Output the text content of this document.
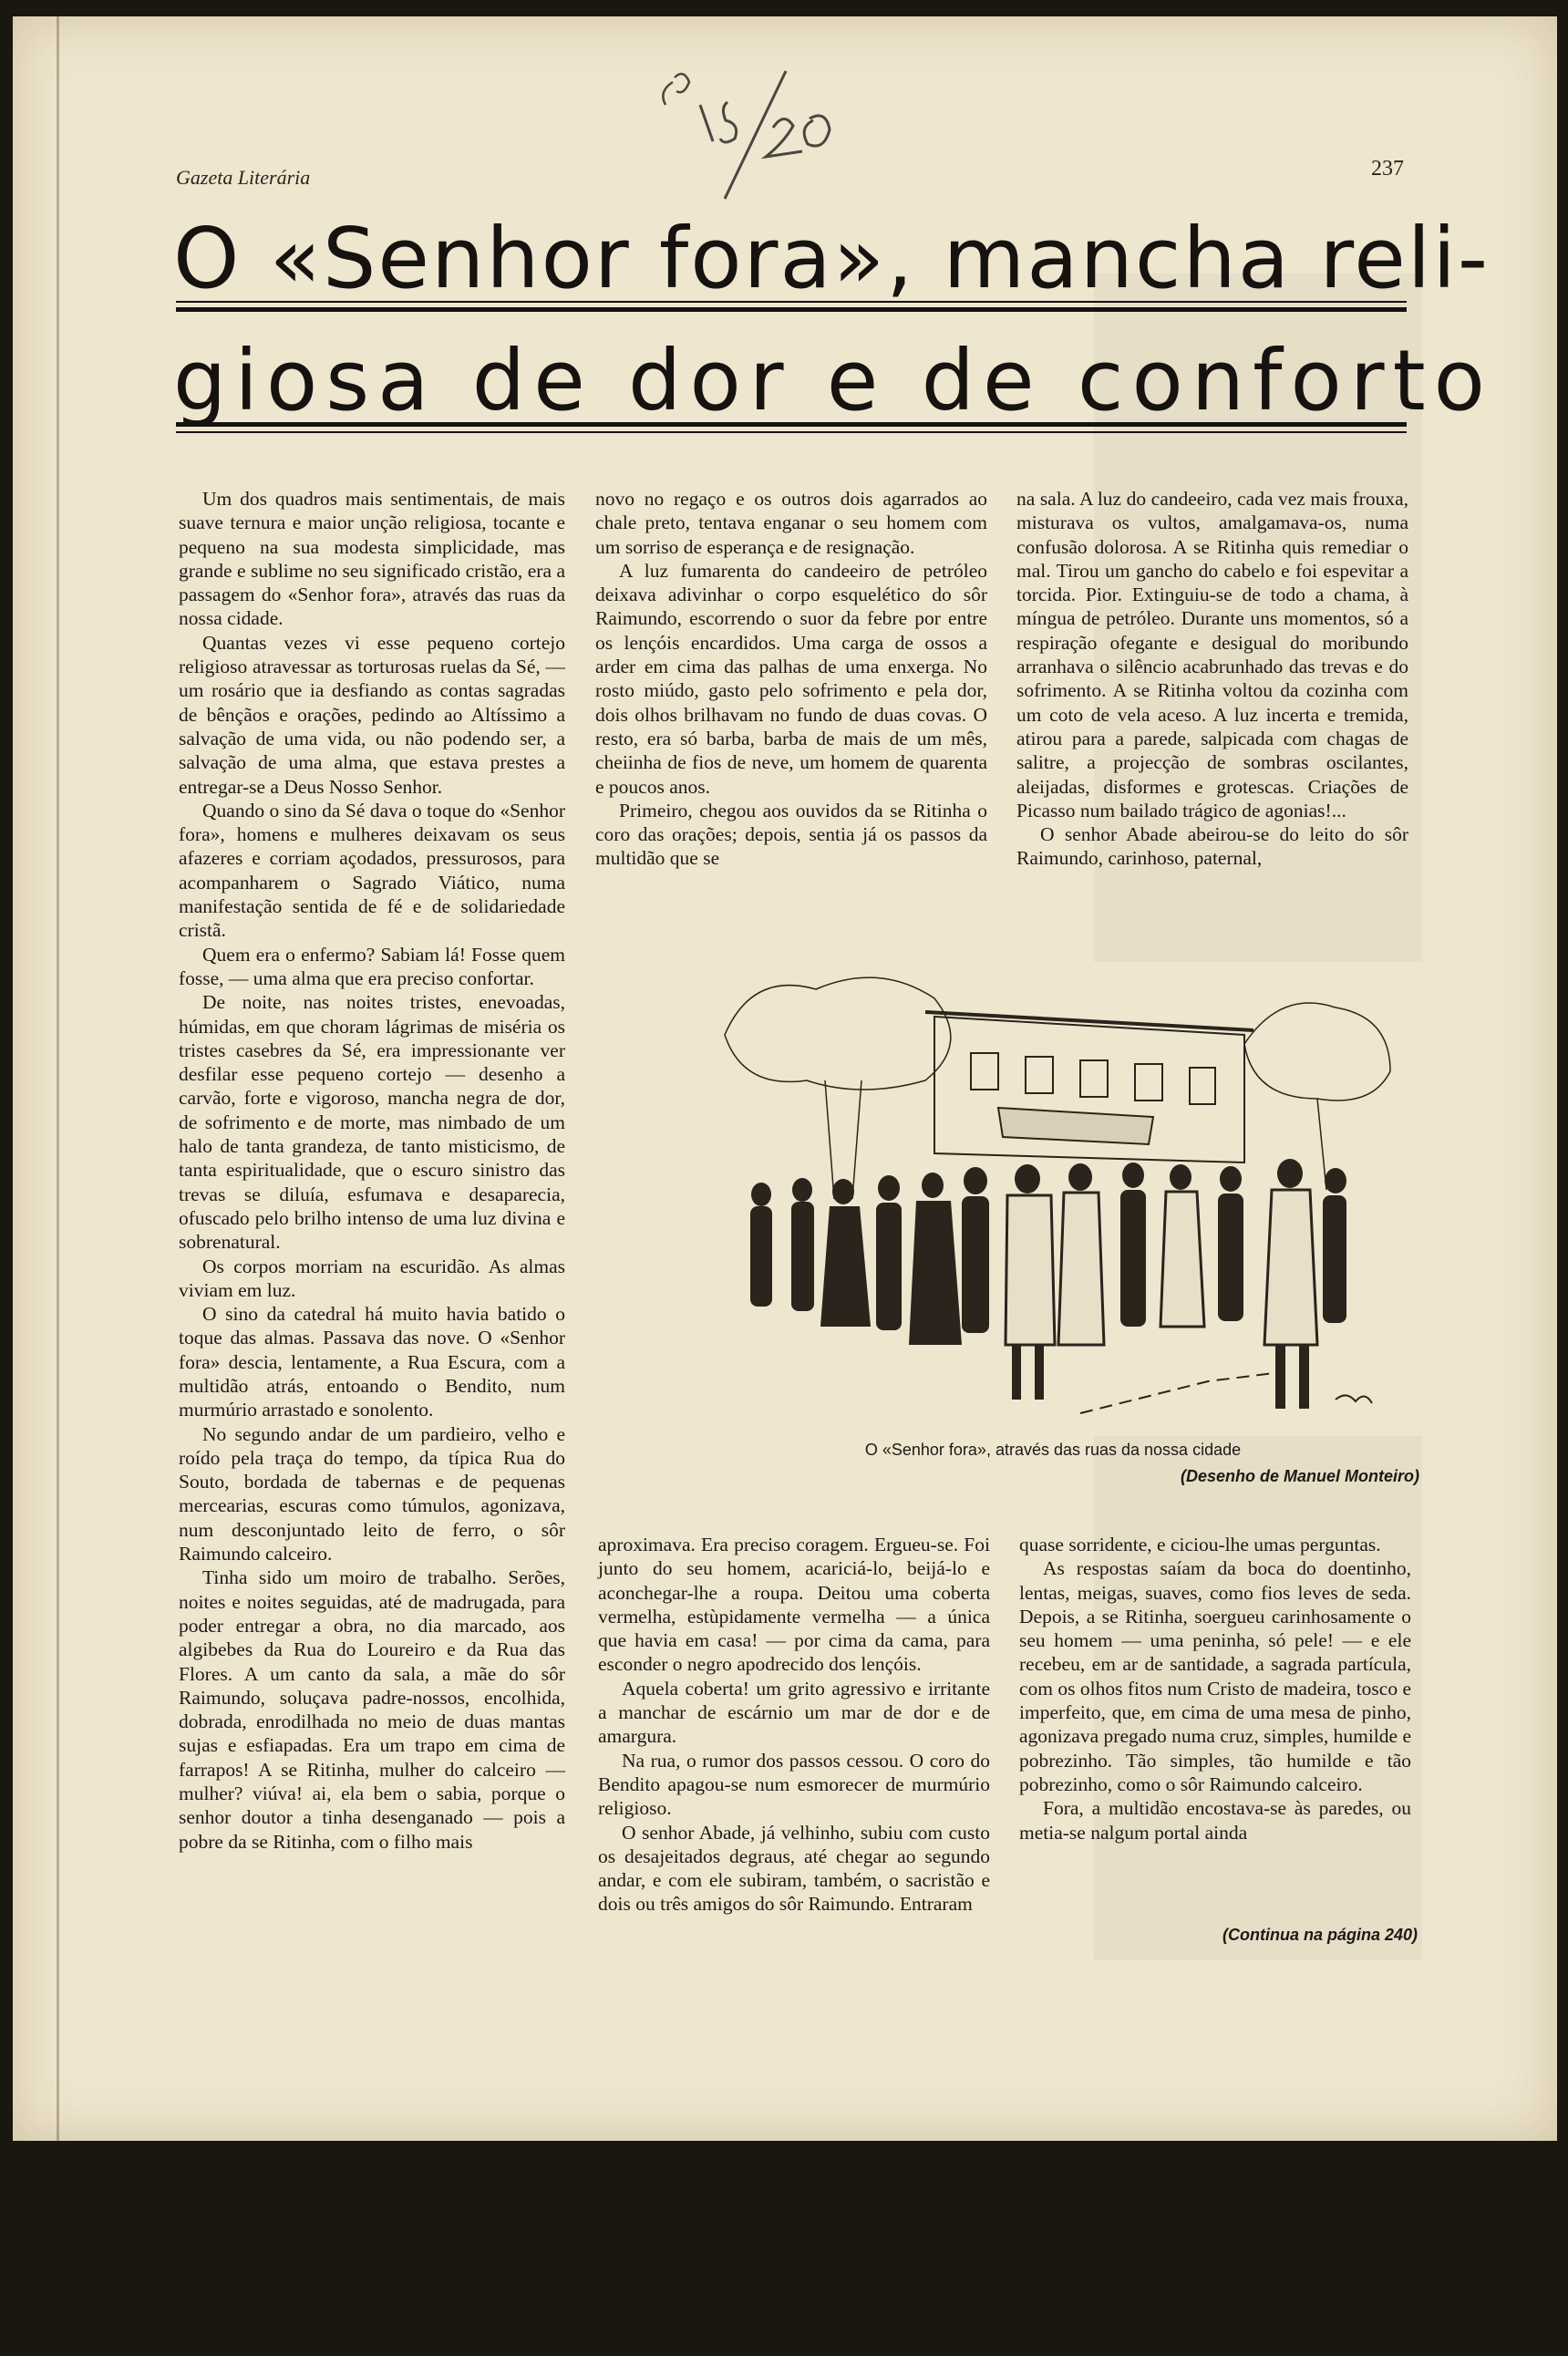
Gazeta Literária	237
O «Senhor fora», mancha reli-
giosa de dor e de conforto

Um dos quadros mais sentimentais, de mais suave ternura e maior unção religiosa, tocante e pequeno na sua modesta simplicidade, mas grande e sublime no seu significado cristão, era a passagem do «Senhor fora», através das ruas da nossa cidade.

Quantas vezes vi esse pequeno cortejo religioso atravessar as torturosas ruelas da Sé, — um rosário que ia desfiando as contas sagradas de bênçãos e orações, pedindo ao Altíssimo a salvação de uma vida, ou não podendo ser, a salvação de uma alma, que estava prestes a entregar-se a Deus Nosso Senhor.

Quando o sino da Sé dava o toque do «Senhor fora», homens e mulheres deixavam os seus afazeres e corriam açodados, pressurosos, para acompanharem o Sagrado Viático, numa manifestação sentida de fé e de solidariedade cristã.

Quem era o enfermo? Sabiam lá! Fosse quem fosse, — uma alma que era preciso confortar.

De noite, nas noites tristes, enevoadas, húmidas, em que choram lágrimas de miséria os tristes casebres da Sé, era impressionante ver desfilar esse pequeno cortejo — desenho a carvão, forte e vigoroso, mancha negra de dor, de sofrimento e de morte, mas nimbado de um halo de tanta grandeza, de tanto misticismo, de tanta espiritualidade, que o escuro sinistro das trevas se diluía, esfumava e desaparecia, ofuscado pelo brilho intenso de uma luz divina e sobrenatural.

Os corpos morriam na escuridão. As almas viviam em luz.

O sino da catedral há muito havia batido o toque das almas. Passava das nove. O «Senhor fora» descia, lentamente, a Rua Escura, com a multidão atrás, entoando o Bendito, num murmúrio arrastado e sonolento.

No segundo andar de um pardieiro, velho e roído pela traça do tempo, da típica Rua do Souto, bordada de tabernas e de pequenas mercearias, escuras como túmulos, agonizava, num desconjuntado leito de ferro, o sôr Raimundo calceiro.

Tinha sido um moiro de trabalho. Serões, noites e noites seguidas, até de madrugada, para poder entregar a obra, no dia marcado, aos algibebes da Rua do Loureiro e da Rua das Flores. A um canto da sala, a mãe do sôr Raimundo, soluçava padre-nossos, encolhida, dobrada, enrodilhada no meio de duas mantas sujas e esfiapadas. Era um trapo em cima de farrapos! A se Ritinha, mulher do calceiro — mulher? viúva! ai, ela bem o sabia, porque o senhor doutor a tinha desenganado — pois a pobre da se Ritinha, com o filho mais

novo no regaço e os outros dois agarrados ao chale preto, tentava enganar o seu homem com um sorriso de esperança e de resignação.

A luz fumarenta do candeeiro de petróleo deixava adivinhar o corpo esquelético do sôr Raimundo, escorrendo o suor da febre por entre os lençóis encardidos. Uma carga de ossos a arder em cima das palhas de uma enxerga. No rosto miúdo, gasto pelo sofrimento e pela dor, dois olhos brilhavam no fundo de duas covas. O resto, era só barba, barba de mais de um mês, cheiinha de fios de neve, um homem de quarenta e poucos anos.

Primeiro, chegou aos ouvidos da se Ritinha o coro das orações; depois, sentia já os passos da multidão que se

na sala. A luz do candeeiro, cada vez mais frouxa, misturava os vultos, amalgamava-os, numa confusão dolorosa. A se Ritinha quis remediar o mal. Tirou um gancho do cabelo e foi espevitar a torcida. Pior. Extinguiu-se de todo a chama, à míngua de petróleo. Durante uns momentos, só a respiração ofegante e desigual do moribundo arranhava o silêncio acabrunhado das trevas e do sofrimento. A se Ritinha voltou da cozinha com um coto de vela aceso. A luz incerta e tremida, atirou para a parede, salpicada com chagas de salitre, a projecção de sombras oscilantes, aleijadas, disformes e grotescas. Criações de Picasso num bailado trágico de agonias!...

O senhor Abade abeirou-se do leito do sôr Raimundo, carinhoso, paternal,

O «Senhor fora», através das ruas da nossa cidade
(Desenho de Manuel Monteiro)

aproximava. Era preciso coragem. Ergueu-se. Foi junto do seu homem, acariciá-lo, beijá-lo e aconchegar-lhe a roupa. Deitou uma coberta vermelha, estùpidamente vermelha — a única que havia em casa! — por cima da cama, para esconder o negro apodrecido dos lençóis.

Aquela coberta! um grito agressivo e irritante a manchar de escárnio um mar de dor e de amargura.

Na rua, o rumor dos passos cessou. O coro do Bendito apagou-se num esmorecer de murmúrio religioso.

O senhor Abade, já velhinho, subiu com custo os desajeitados degraus, até chegar ao segundo andar, e com ele subiram, também, o sacristão e dois ou três amigos do sôr Raimundo. Entraram

quase sorridente, e ciciou-lhe umas perguntas.

As respostas saíam da boca do doentinho, lentas, meigas, suaves, como fios leves de seda. Depois, a se Ritinha, soergueu carinhosamente o seu homem — uma peninha, só pele! — e ele recebeu, em ar de santidade, a sagrada partícula, com os olhos fitos num Cristo de madeira, tosco e imperfeito, que, em cima de uma mesa de pinho, agonizava pregado numa cruz, simples, humilde e pobrezinho. Tão simples, tão humilde e tão pobrezinho, como o sôr Raimundo calceiro.

Fora, a multidão encostava-se às paredes, ou metia-se nalgum portal ainda

(Continua na página 240)
